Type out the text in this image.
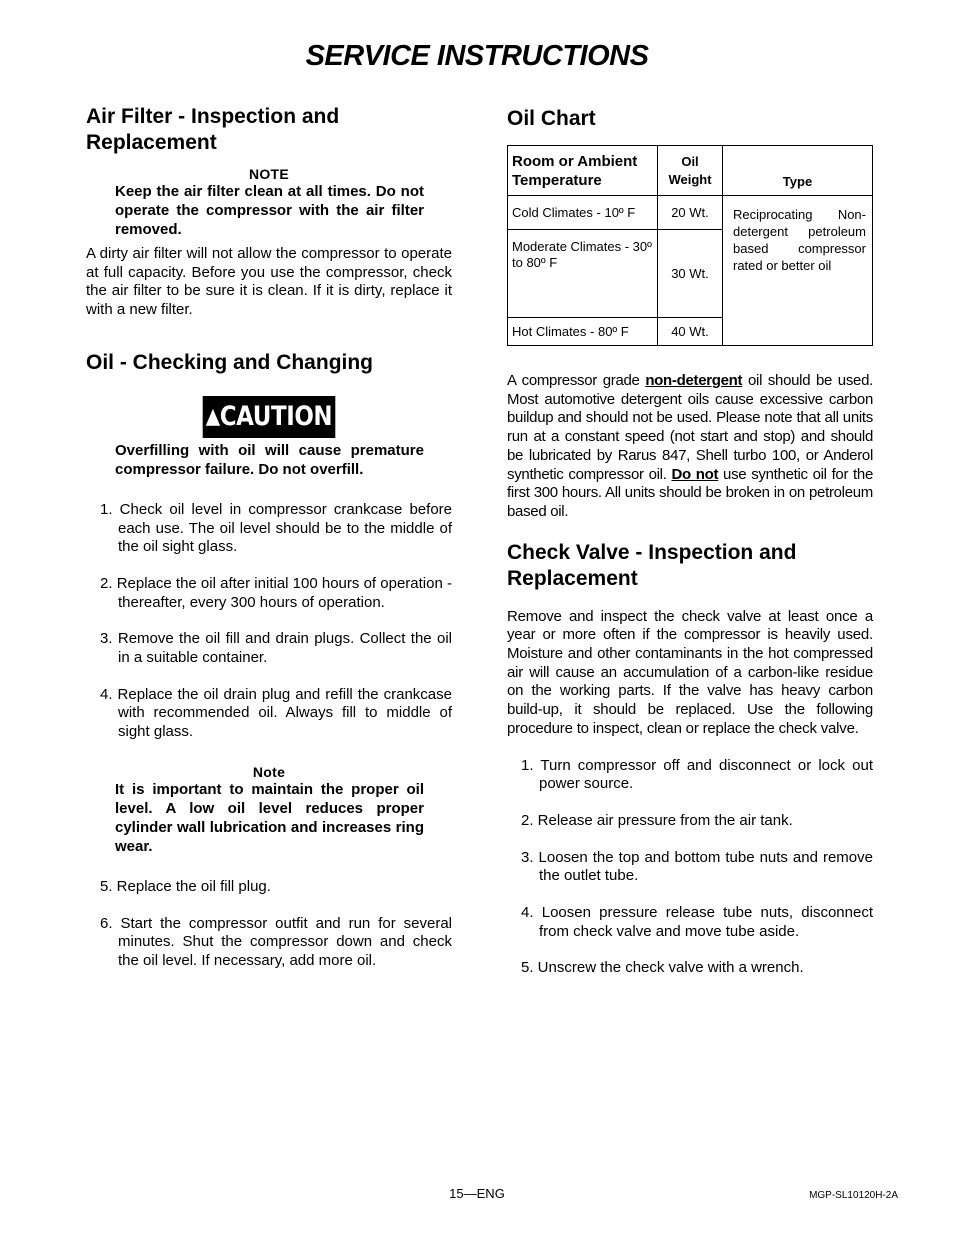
SERVICE INSTRUCTIONS
Air Filter - Inspection and Replacement
NOTE
Keep the air filter clean at all times. Do not operate the compressor with the air filter removed.

A dirty air filter will not allow the compressor to operate at full capacity. Before you use the compressor, check the air filter to be sure it is clean. If it is dirty, replace it with a new filter.

Oil - Checking and Changing
▲CAUTION
Overfilling with oil will cause premature compressor failure. Do not overfill.
1. Check oil level in compressor crankcase before each use. The oil level should be to the middle of the oil sight glass.
2. Replace the oil after initial 100 hours of operation - thereafter, every 300 hours of operation.
3. Remove the oil fill and drain plugs. Collect the oil in a suitable container.
4. Replace the oil drain plug and refill the crankcase with recommended oil. Always fill to middle of sight glass.
Note
It is important to maintain the proper oil level. A low oil level reduces proper cylinder wall lubrication and increases ring wear.
5. Replace the oil fill plug.
6. Start the compressor outfit and run for several minutes. Shut the compressor down and check the oil level. If necessary, add more oil.
Oil Chart
Room or Ambient Temperature	Oil Weight	Type
Cold Climates - 10º F	20 Wt.	Reciprocating Non-detergent petroleum based compressor rated or better oil
Moderate Climates - 30º to 80º F	30 Wt.	
Hot Climates - 80º F	40 Wt.	

A compressor grade non-detergent oil should be used. Most automotive detergent oils cause excessive carbon buildup and should not be used. Please note that all units run at a constant speed (not start and stop) and should be lubricated by Rarus 847, Shell turbo 100, or Anderol synthetic compressor oil. Do not use synthetic oil for the first 300 hours. All units should be broken in on petroleum based oil.

Check Valve - Inspection and Replacement

Remove and inspect the check valve at least once a year or more often if the compressor is heavily used. Moisture and other contaminants in the hot compressed air will cause an accumulation of a carbon-like residue on the working parts. If the valve has heavy carbon build-up, it should be replaced. Use the following procedure to inspect, clean or replace the check valve.

1. Turn compressor off and disconnect or lock out power source.
2. Release air pressure from the air tank.
3. Loosen the top and bottom tube nuts and remove the outlet tube.
4. Loosen pressure release tube nuts, disconnect from check valve and move tube aside.
5. Unscrew the check valve with a wrench.
15—ENG	MGP-SL10120H-2A
